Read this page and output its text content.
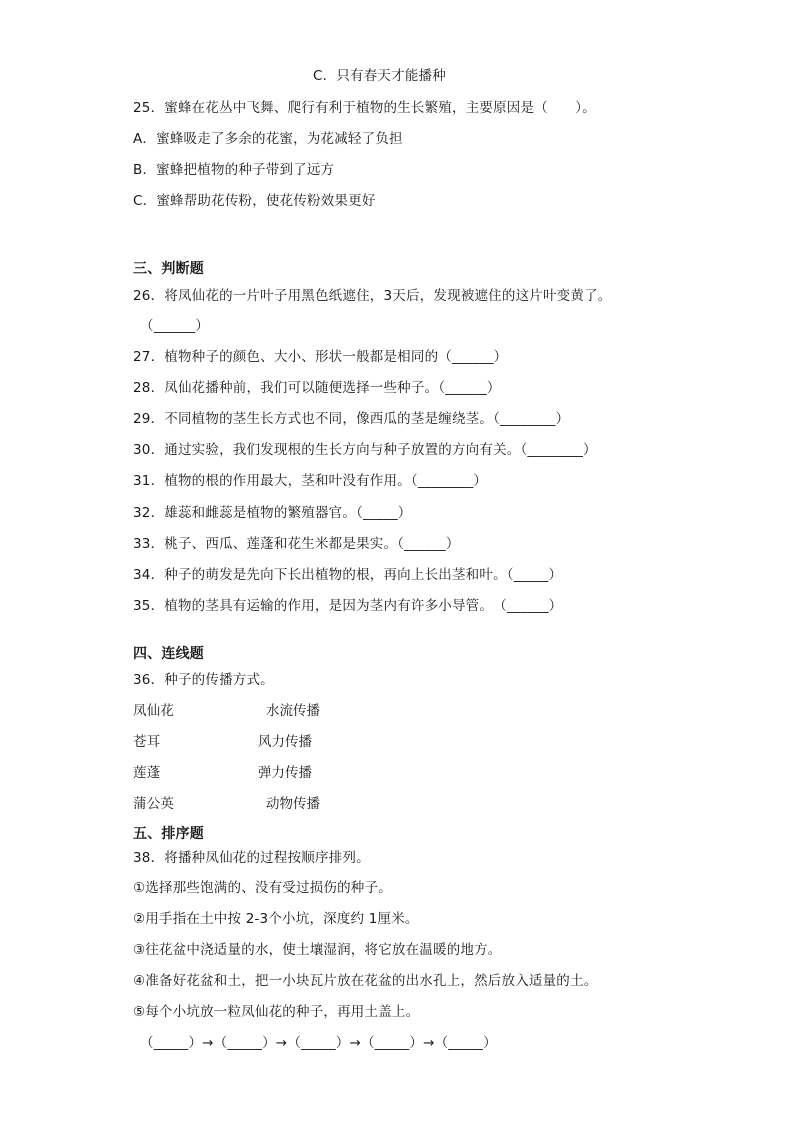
C．只有春天才能播种
25．蜜蜂在花丛中飞舞、爬行有利于植物的生长繁殖，主要原因是（　　）。
A．蜜蜂吸走了多余的花蜜，为花减轻了负担
B．蜜蜂把植物的种子带到了远方
C．蜜蜂帮助花传粉，使花传粉效果更好
三、判断题
26．将凤仙花的一片叶子用黑色纸遮住，3天后，发现被遮住的这片叶变黄了。
（______）
27．植物种子的颜色、大小、形状一般都是相同的（______）
28．凤仙花播种前，我们可以随便选择一些种子。（______）
29．不同植物的茎生长方式也不同，像西瓜的茎是缠绕茎。（________）
30．通过实验，我们发现根的生长方向与种子放置的方向有关。（________）
31．植物的根的作用最大，茎和叶没有作用。（________）
32．雄蕊和雌蕊是植物的繁殖器官。（_____）
33．桃子、西瓜、莲蓬和花生米都是果实。（______）
34．种子的萌发是先向下长出植物的根，再向上长出茎和叶。（_____）
35．植物的茎具有运输的作用，是因为茎内有许多小导管。　（______）
四、连线题
36．种子的传播方式。
凤仙花	水流传播
苍耳	风力传播
莲蓬	弹力传播
蒲公英	动物传播
五、排序题
38．将播种凤仙花的过程按顺序排列。
①选择那些饱满的、没有受过损伤的种子。
②用手指在土中按 2-3个小坑，深度约 1厘米。
③往花盆中浇适量的水，使土壤湿润，将它放在温暖的地方。
④准备好花盆和土，把一小块瓦片放在花盆的出水孔上，然后放入适量的土。
⑤每个小坑放一粒凤仙花的种子，再用土盖上。
（_____）→（_____）→（_____）→（_____）→（_____）
